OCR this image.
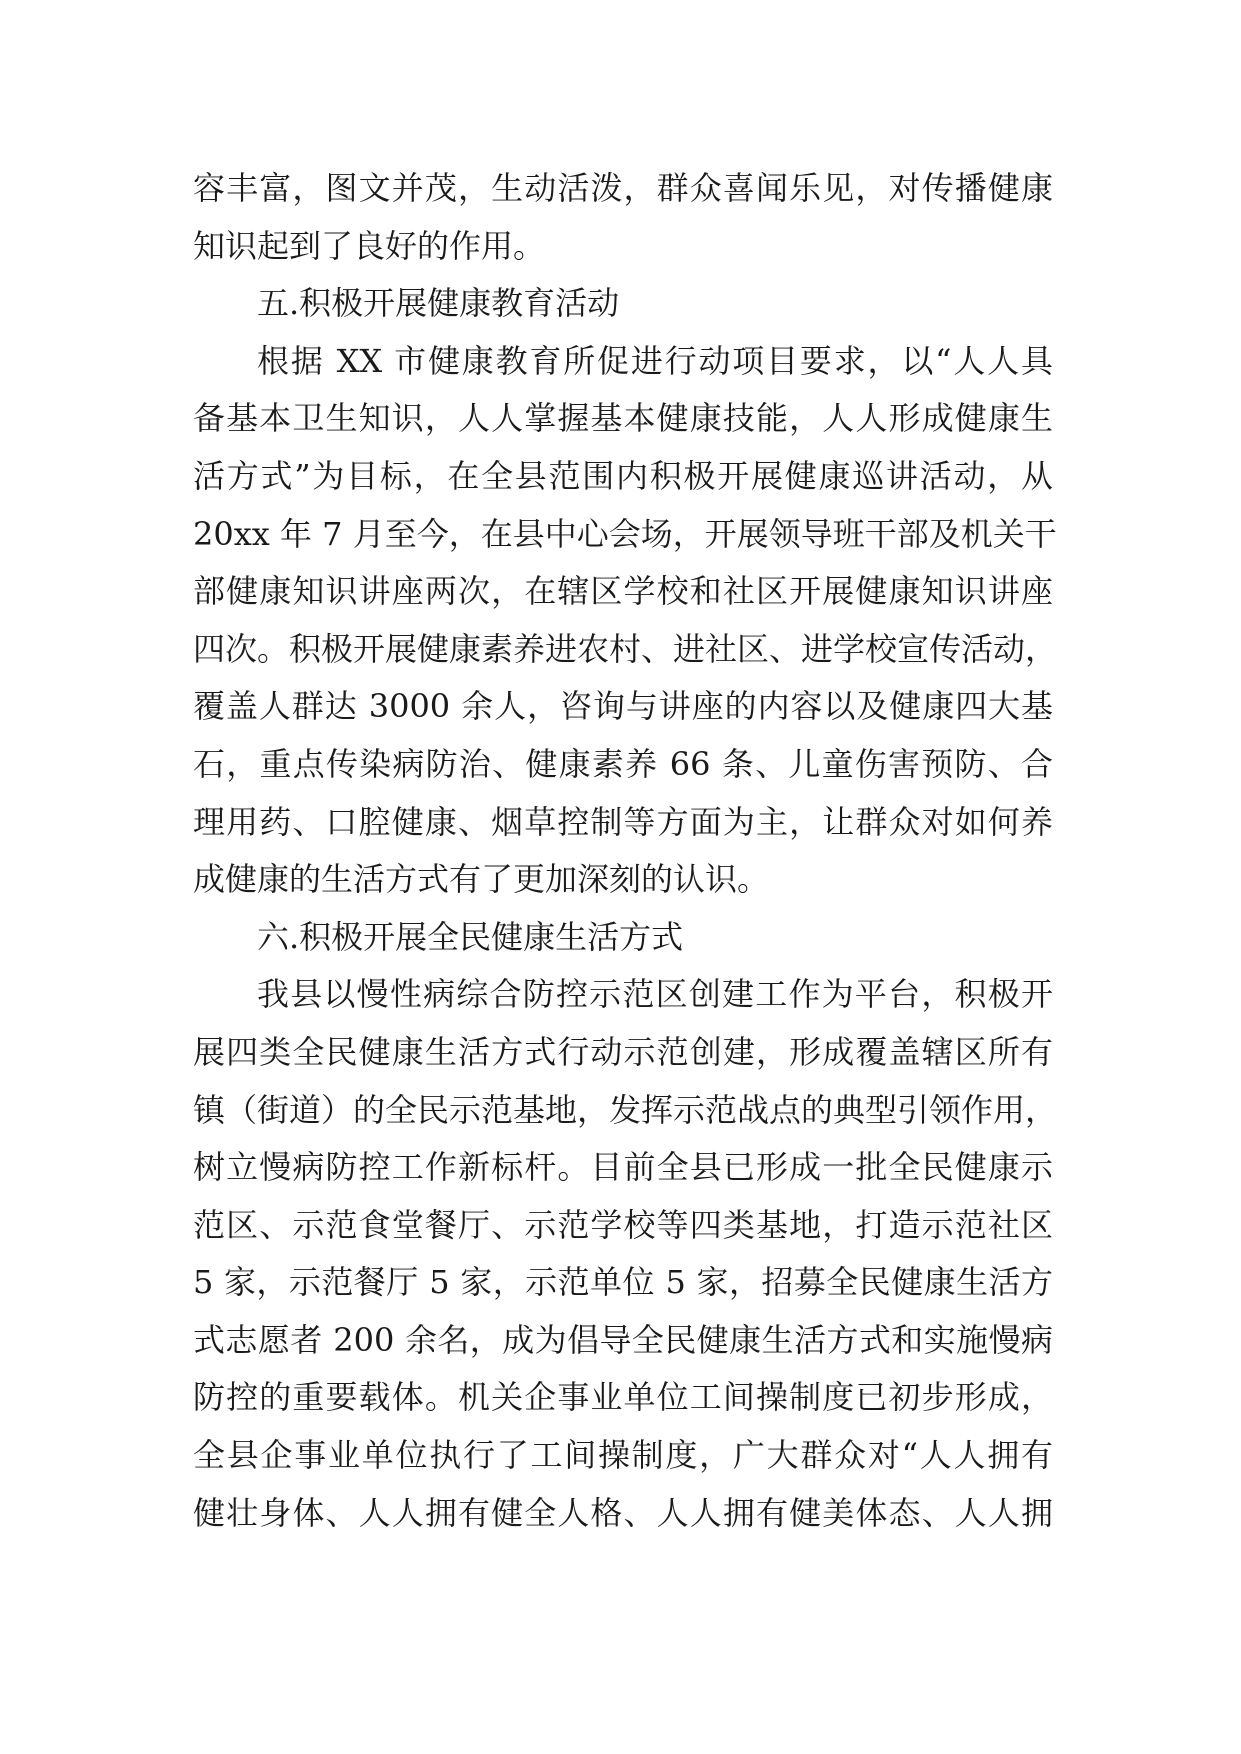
容丰富，图文并茂，生动活泼，群众喜闻乐见，对传播健康
知识起到了良好的作用。
五.积极开展健康教育活动
根据 XX 市健康教育所促进行动项目要求，以“人人具
备基本卫生知识，人人掌握基本健康技能，人人形成健康生
活方式”为目标，在全县范围内积极开展健康巡讲活动，从
20xx 年 7 月至今，在县中心会场，开展领导班干部及机关干
部健康知识讲座两次，在辖区学校和社区开展健康知识讲座
四次。积极开展健康素养进农村、进社区、进学校宣传活动，
覆盖人群达 3000 余人，咨询与讲座的内容以及健康四大基
石，重点传染病防治、健康素养 66 条、儿童伤害预防、合
理用药、口腔健康、烟草控制等方面为主，让群众对如何养
成健康的生活方式有了更加深刻的认识。
六.积极开展全民健康生活方式
我县以慢性病综合防控示范区创建工作为平台，积极开
展四类全民健康生活方式行动示范创建，形成覆盖辖区所有
镇（街道）的全民示范基地，发挥示范战点的典型引领作用，
树立慢病防控工作新标杆。目前全县已形成一批全民健康示
范区、示范食堂餐厅、示范学校等四类基地，打造示范社区
5 家，示范餐厅 5 家，示范单位 5 家，招募全民健康生活方
式志愿者 200 余名，成为倡导全民健康生活方式和实施慢病
防控的重要载体。机关企事业单位工间操制度已初步形成，
全县企事业单位执行了工间操制度，广大群众对“人人拥有
健壮身体、人人拥有健全人格、人人拥有健美体态、人人拥
